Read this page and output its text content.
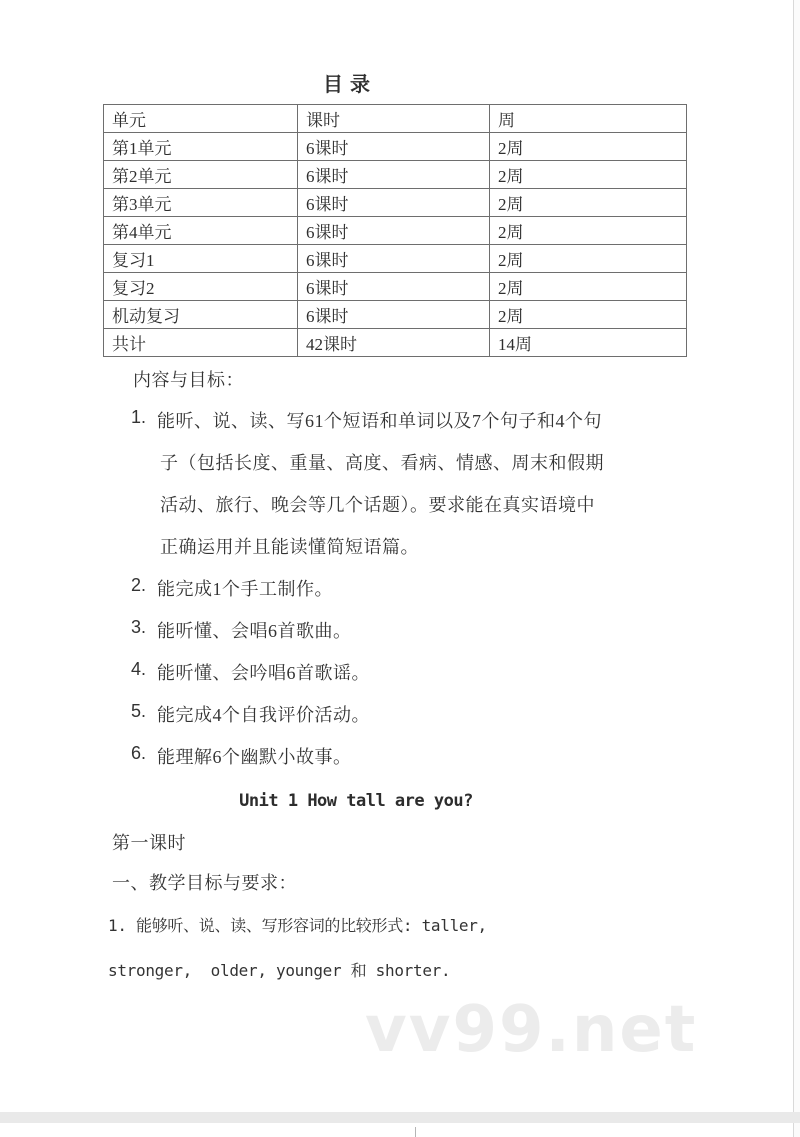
目录
单元	课时	周
第1单元	6课时	2周
第2单元	6课时	2周
第3单元	6课时	2周
第4单元	6课时	2周
复习1	6课时	2周
复习2	6课时	2周
机动复习	6课时	2周
共计	42课时	14周
内容与目标：
1. 能听、说、读、写61个短语和单词以及7个句子和4个句
子（包括长度、重量、高度、看病、情感、周末和假期
活动、旅行、晚会等几个话题）。要求能在真实语境中
正确运用并且能读懂简短语篇。
2. 能完成1个手工制作。
3. 能听懂、会唱6首歌曲。
4. 能听懂、会吟唱6首歌谣。
5. 能完成4个自我评价活动。
6. 能理解6个幽默小故事。
Unit 1 How tall are you?
第一课时
一、教学目标与要求：
1. 能够听、说、读、写形容词的比较形式: taller,
stronger,  older, younger 和 shorter.
vv99.net
